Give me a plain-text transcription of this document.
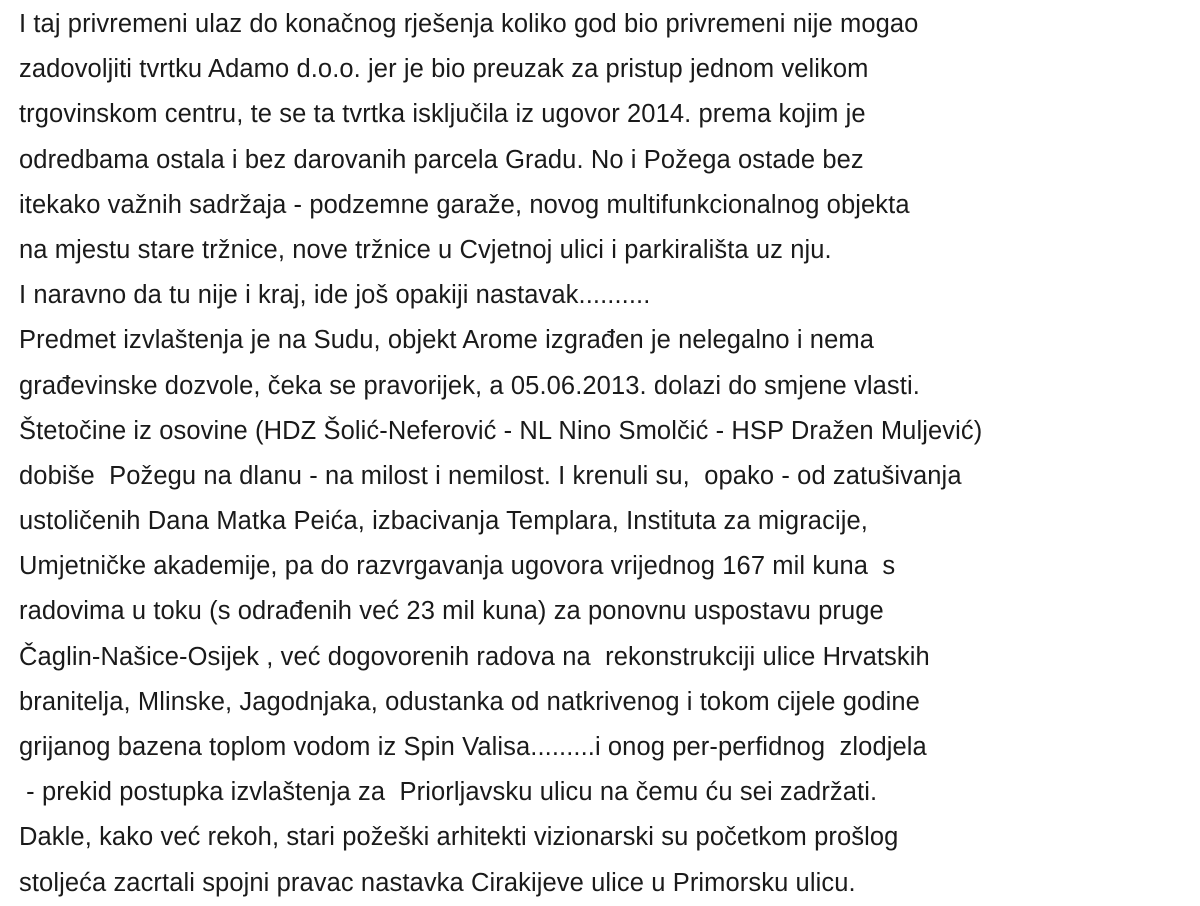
I taj privremeni ulaz do konačnog rješenja koliko god bio privremeni nije mogao
zadovoljiti tvrtku Adamo d.o.o. jer je bio preuzak za pristup jednom velikom
trgovinskom centru, te se ta tvrtka isključila iz ugovor 2014. prema kojim je
odredbama ostala i bez darovanih parcela Gradu. No i Požega ostade bez
itekako važnih sadržaja - podzemne garaže, novog multifunkcionalnog objekta
na mjestu stare tržnice, nove tržnice u Cvjetnoj ulici i parkirališta uz nju.
I naravno da tu nije i kraj, ide još opakiji nastavak..........
Predmet izvlaštenja je na Sudu, objekt Arome izgrađen je nelegalno i nema
građevinske dozvole, čeka se pravorijek, a 05.06.2013. dolazi do smjene vlasti.
Štetočine iz osovine (HDZ Šolić-Neferović - NL Nino Smolčić - HSP Dražen Muljević)
dobiše  Požegu na dlanu - na milost i nemilost. I krenuli su,  opako - od zatušivanja
ustoličenih Dana Matka Peića, izbacivanja Templara, Instituta za migracije,
Umjetničke akademije, pa do razvrgavanja ugovora vrijednog 167 mil kuna  s
radovima u toku (s odrađenih već 23 mil kuna) za ponovnu uspostavu pruge
Čaglin-Našice-Osijek , već dogovorenih radova na  rekonstrukciji ulice Hrvatskih
branitelja, Mlinske, Jagodnjaka, odustanka od natkrivenog i tokom cijele godine
grijanog bazena toplom vodom iz Spin Valisa.........i onog per-perfidnog  zlodjela
- prekid postupka izvlaštenja za  Priorljavsku ulicu na čemu ću sei zadržati.
Dakle, kako već rekoh, stari požeški arhitekti vizionarski su početkom prošlog
stoljeća zacrtali spojni pravac nastavka Cirakijeve ulice u Primorsku ulicu.
